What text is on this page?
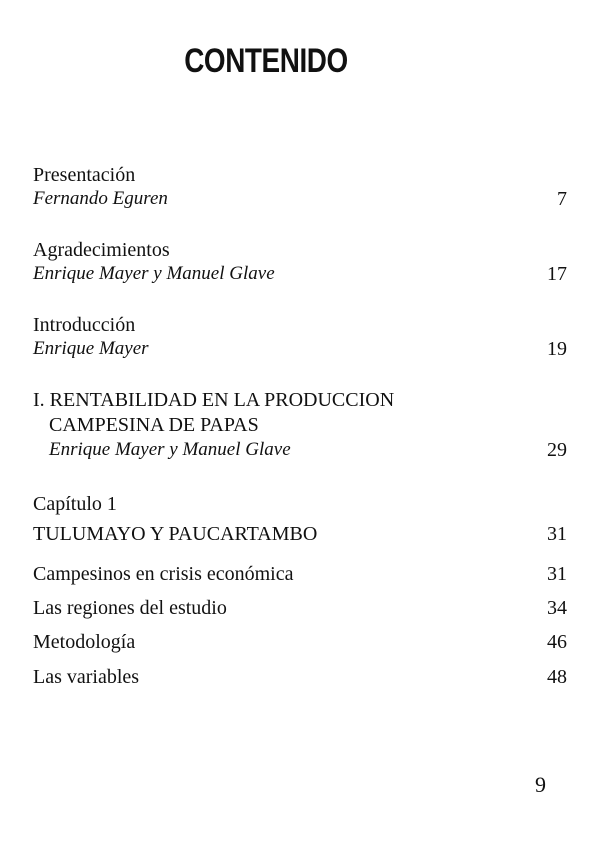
CONTENIDO
Presentación
Fernando Eguren	7
Agradecimientos
Enrique Mayer y Manuel Glave	17
Introducción
Enrique Mayer	19
I. RENTABILIDAD EN LA PRODUCCION
CAMPESINA DE PAPAS
Enrique Mayer y Manuel Glave	29
Capítulo 1
TULUMAYO Y PAUCARTAMBO	31
Campesinos en crisis económica	31
Las regiones del estudio	34
Metodología	46
Las variables	48
9
